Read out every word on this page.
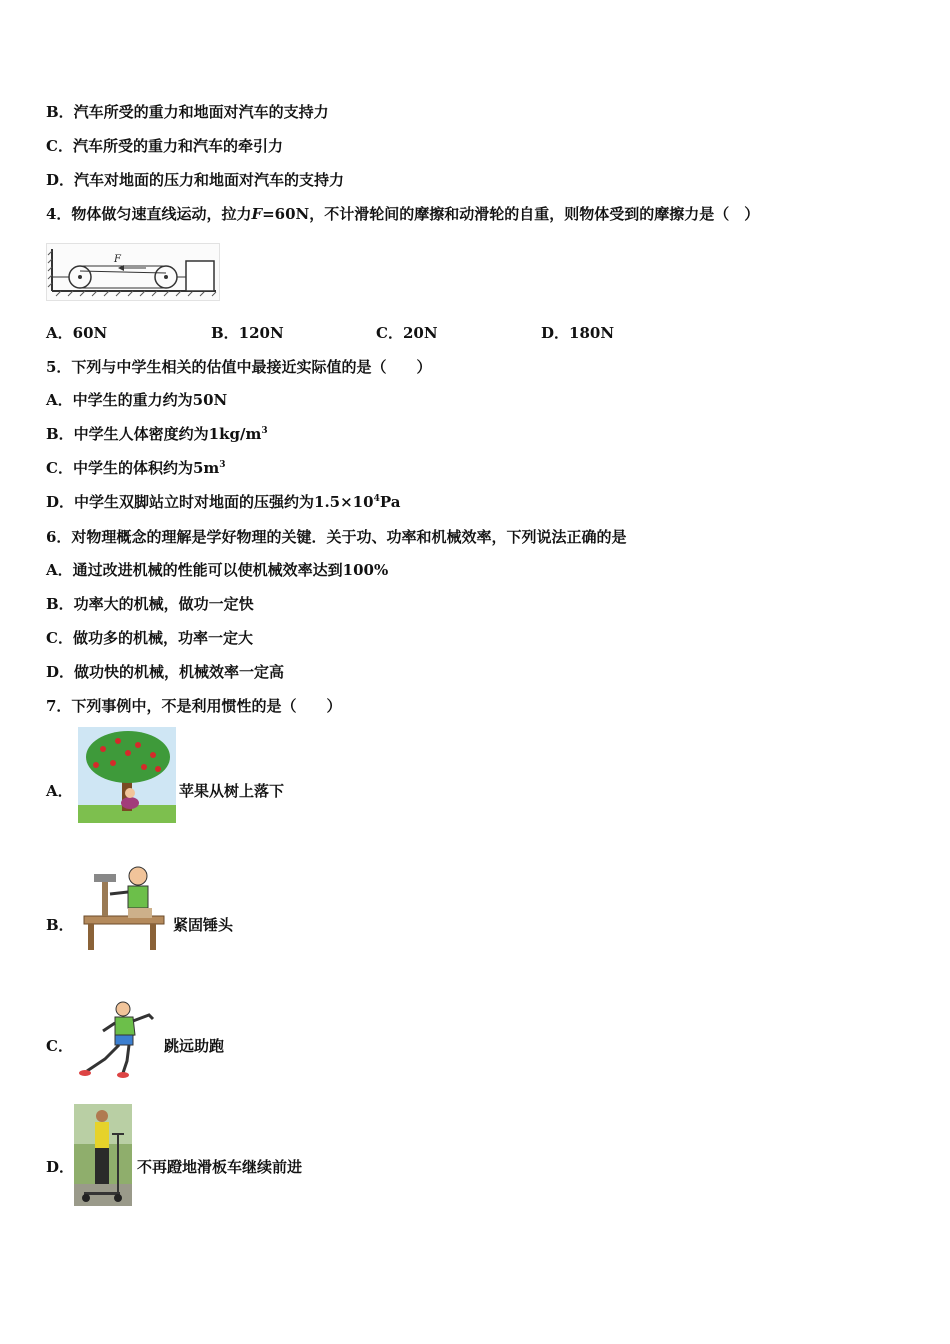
B．汽车所受的重力和地面对汽车的支持力
C．汽车所受的重力和汽车的牵引力
D．汽车对地面的压力和地面对汽车的支持力
4．物体做匀速直线运动，拉力F=60N，不计滑轮间的摩擦和动滑轮的自重，则物体受到的摩擦力是（　）
F
A．60N	B．120N	C．20N	D．180N
5．下列与中学生相关的估值中最接近实际值的是（　　）
A．中学生的重力约为50N
B．中学生人体密度约为$1kg/m^3$
C．中学生的体积约为$5m^3$
D．中学生双脚站立时对地面的压强约为$1.5\times 10^4Pa$
6．对物理概念的理解是学好物理的关键．关于功、功率和机械效率，下列说法正确的是
A．通过改进机械的性能可以使机械效率达到100%
B．功率大的机械，做功一定快
C．做功多的机械，功率一定大
D．做功快的机械，机械效率一定高
7．下列事例中，不是利用惯性的是（　　）
A．	苹果从树上落下
B．	紧固锤头
C．	跳远助跑
D．	不再蹬地滑板车继续前进
